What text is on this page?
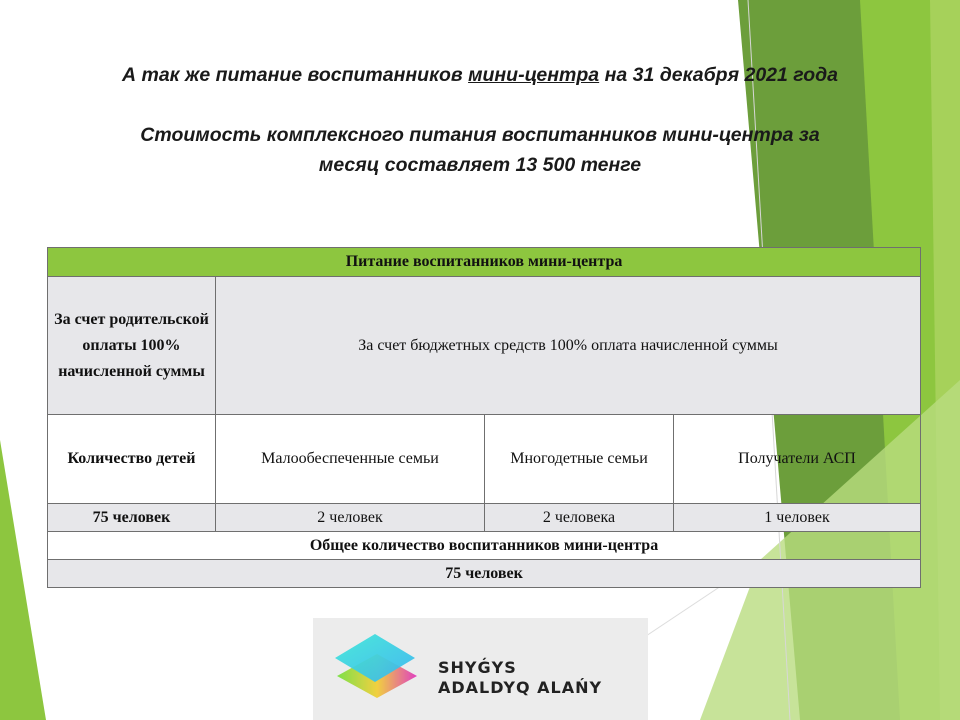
А так же питание воспитанников мини-центра на 31 декабря 2021 года

Стоимость комплексного питания воспитанников мини-центра за
месяц составляет 13 500 тенге

Питание воспитанников мини-центра			
За счет родительской оплаты 100% начисленной суммы	За счет бюджетных средств 100% оплата начисленной суммы		
Количество детей	Малообеспеченные семьи	Многодетные семьи	Получатели АСП
75 человек	2 человек	2 человека	1 человек
Общее количество воспитанников мини-центра			
75 человек			
SHYǴYS
ADALDYQ ALAŃY
